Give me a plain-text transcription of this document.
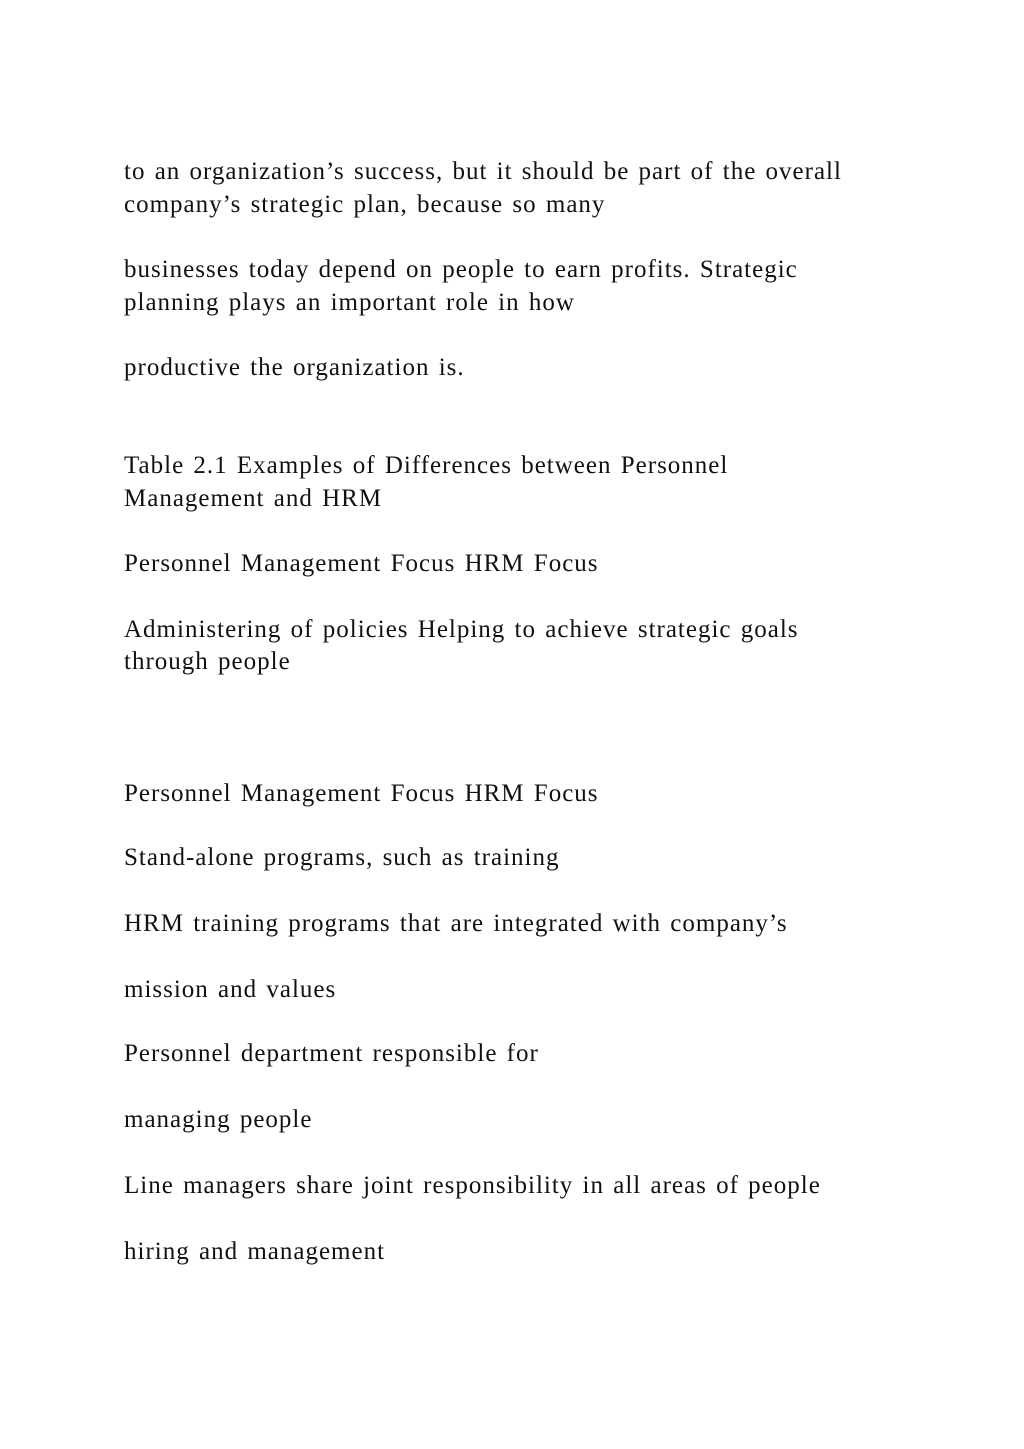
to an organization’s success, but it should be part of the overall

company’s strategic plan, because so many

businesses today depend on people to earn profits. Strategic

planning plays an important role in how

productive the organization is.

Table 2.1 Examples of Differences between Personnel

Management and HRM

Personnel Management Focus HRM Focus

Administering of policies Helping to achieve strategic goals

through people

Personnel Management Focus HRM Focus

Stand-alone programs, such as training

HRM training programs that are integrated with company’s

mission and values

Personnel department responsible for

managing people

Line managers share joint responsibility in all areas of people

hiring and management
